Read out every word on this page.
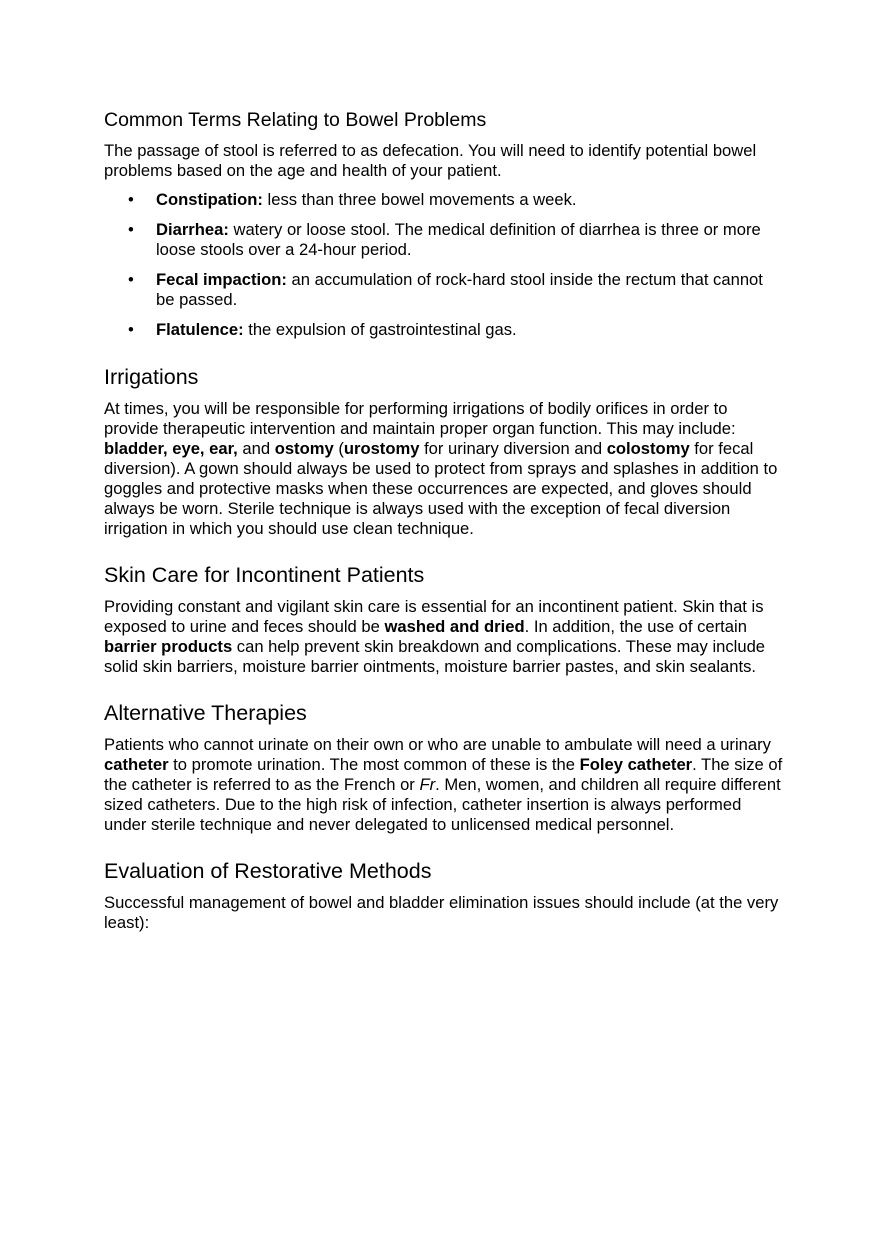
Common Terms Relating to Bowel Problems

The passage of stool is referred to as defecation. You will need to identify potential bowel problems based on the age and health of your patient.

• Constipation: less than three bowel movements a week.
• Diarrhea: watery or loose stool. The medical definition of diarrhea is three or more loose stools over a 24-hour period.
• Fecal impaction: an accumulation of rock-hard stool inside the rectum that cannot be passed.
• Flatulence: the expulsion of gastrointestinal gas.
Irrigations

At times, you will be responsible for performing irrigations of bodily orifices in order to provide therapeutic intervention and maintain proper organ function. This may include: bladder, eye, ear, and ostomy (urostomy for urinary diversion and colostomy for fecal diversion). A gown should always be used to protect from sprays and splashes in addition to goggles and protective masks when these occurrences are expected, and gloves should always be worn. Sterile technique is always used with the exception of fecal diversion irrigation in which you should use clean technique.

Skin Care for Incontinent Patients

Providing constant and vigilant skin care is essential for an incontinent patient. Skin that is exposed to urine and feces should be washed and dried. In addition, the use of certain barrier products can help prevent skin breakdown and complications. These may include solid skin barriers, moisture barrier ointments, moisture barrier pastes, and skin sealants.

Alternative Therapies

Patients who cannot urinate on their own or who are unable to ambulate will need a urinary catheter to promote urination. The most common of these is the Foley catheter. The size of the catheter is referred to as the French or Fr. Men, women, and children all require different sized catheters. Due to the high risk of infection, catheter insertion is always performed under sterile technique and never delegated to unlicensed medical personnel.

Evaluation of Restorative Methods

Successful management of bowel and bladder elimination issues should include (at the very least):
